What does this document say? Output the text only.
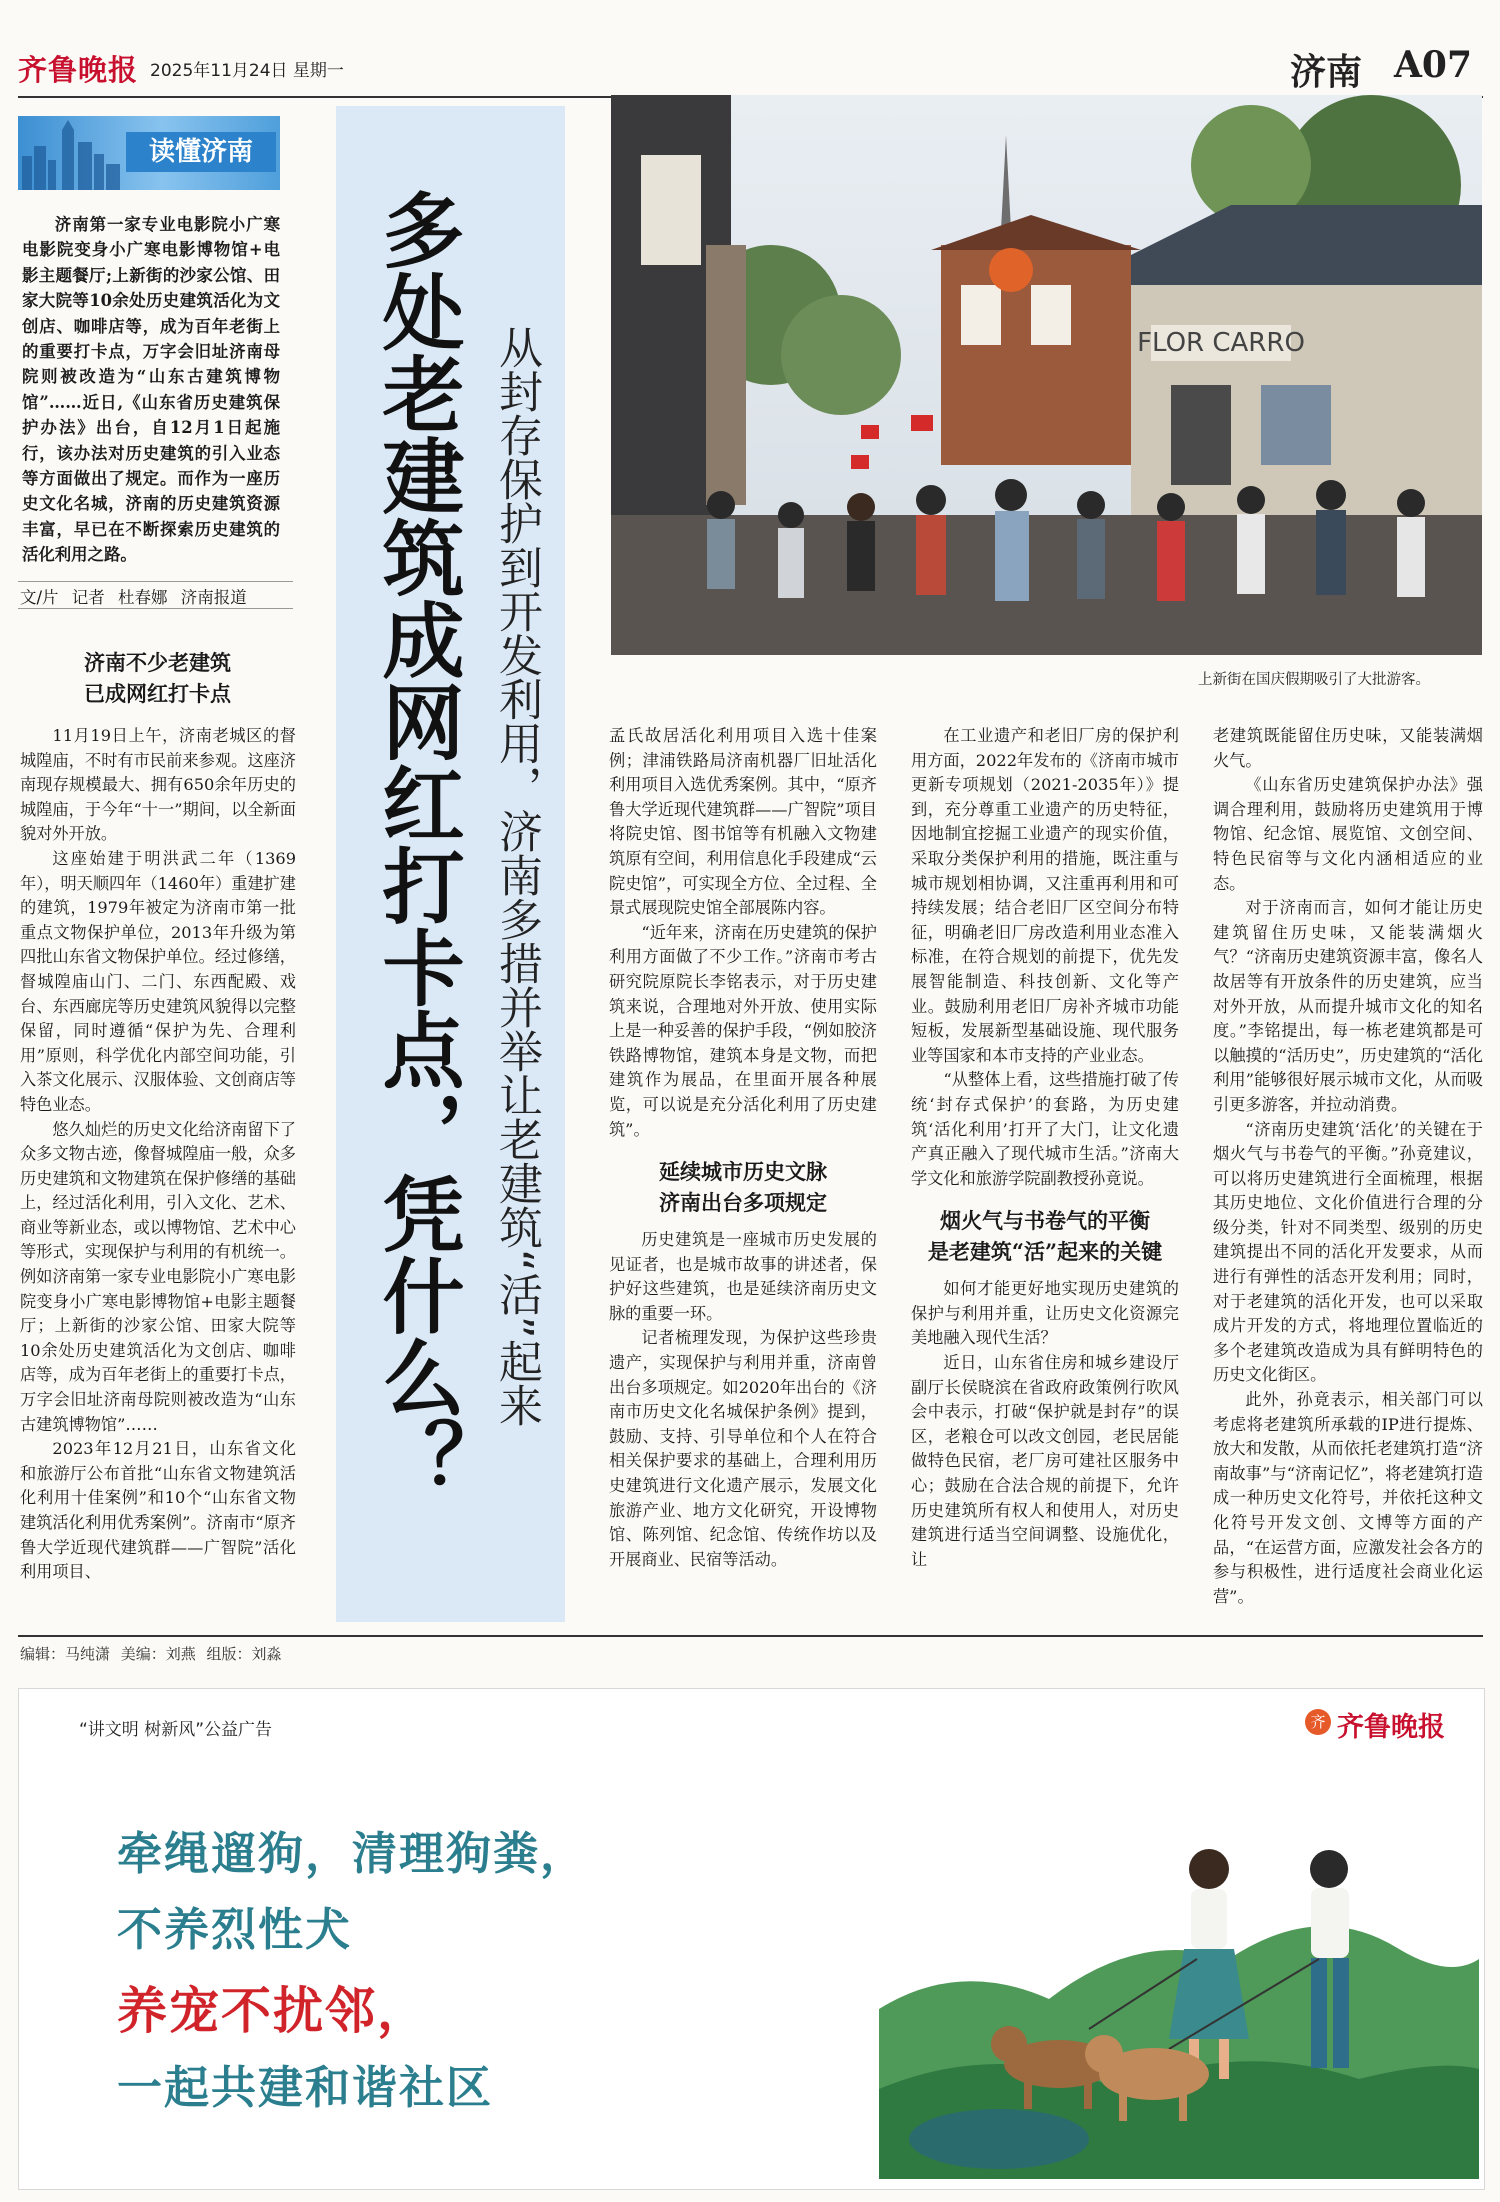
齐鲁晚报 2025年11月24日 星期一	济南 A07
读懂济南
济南第一家专业电影院小广寒电影院变身小广寒电影博物馆+电影主题餐厅;上新街的沙家公馆、田家大院等10余处历史建筑活化为文创店、咖啡店等，成为百年老街上的重要打卡点，万字会旧址济南母院则被改造为“山东古建筑博物馆”……近日,《山东省历史建筑保护办法》出台，自12月1日起施行，该办法对历史建筑的引入业态等方面做出了规定。而作为一座历史文化名城，济南的历史建筑资源丰富，早已在不断探索历史建筑的活化利用之路。
文/片 记者 杜春娜 济南报道
济南不少老建筑
已成网红打卡点

11月19日上午，济南老城区的督城隍庙，不时有市民前来参观。这座济南现存规模最大、拥有650余年历史的城隍庙，于今年“十一”期间，以全新面貌对外开放。

这座始建于明洪武二年（1369年），明天顺四年（1460年）重建扩建的建筑，1979年被定为济南市第一批重点文物保护单位，2013年升级为第四批山东省文物保护单位。经过修缮，督城隍庙山门、二门、东西配殿、戏台、东西廊庑等历史建筑风貌得以完整保留，同时遵循“保护为先、合理利用”原则，科学优化内部空间功能，引入茶文化展示、汉服体验、文创商店等特色业态。

悠久灿烂的历史文化给济南留下了众多文物古迹，像督城隍庙一般，众多历史建筑和文物建筑在保护修缮的基础上，经过活化利用，引入文化、艺术、商业等新业态，或以博物馆、艺术中心等形式，实现保护与利用的有机统一。例如济南第一家专业电影院小广寒电影院变身小广寒电影博物馆+电影主题餐厅；上新街的沙家公馆、田家大院等10余处历史建筑活化为文创店、咖啡店等，成为百年老街上的重要打卡点，万字会旧址济南母院则被改造为“山东古建筑博物馆”……

2023年12月21日，山东省文化和旅游厅公布首批“山东省文物建筑活化利用十佳案例”和10个“山东省文物建筑活化利用优秀案例”。济南市“原齐鲁大学近现代建筑群——广智院”活化利用项目、

多处老建筑成网红打卡点，凭什么？ 从封存保护到开发利用，济南多措并举让老建筑“活”起来	FLOR CARRO
上新街在国庆假期吸引了大批游客。

孟氏故居活化利用项目入选十佳案例；津浦铁路局济南机器厂旧址活化利用项目入选优秀案例。其中，“原齐鲁大学近现代建筑群——广智院”项目将院史馆、图书馆等有机融入文物建筑原有空间，利用信息化手段建成“云院史馆”，可实现全方位、全过程、全景式展现院史馆全部展陈内容。

“近年来，济南在历史建筑的保护利用方面做了不少工作。”济南市考古研究院原院长李铭表示，对于历史建筑来说，合理地对外开放、使用实际上是一种妥善的保护手段，“例如胶济铁路博物馆，建筑本身是文物，而把建筑作为展品，在里面开展各种展览，可以说是充分活化利用了历史建筑”。

延续城市历史文脉
济南出台多项规定

历史建筑是一座城市历史发展的见证者，也是城市故事的讲述者，保护好这些建筑，也是延续济南历史文脉的重要一环。

记者梳理发现，为保护这些珍贵遗产，实现保护与利用并重，济南曾出台多项规定。如2020年出台的《济南市历史文化名城保护条例》提到，鼓励、支持、引导单位和个人在符合相关保护要求的基础上，合理利用历史建筑进行文化遗产展示，发展文化旅游产业、地方文化研究，开设博物馆、陈列馆、纪念馆、传统作坊以及开展商业、民宿等活动。

在工业遗产和老旧厂房的保护利用方面，2022年发布的《济南市城市更新专项规划（2021-2035年）》提到，充分尊重工业遗产的历史特征，因地制宜挖掘工业遗产的现实价值，采取分类保护利用的措施，既注重与城市规划相协调，又注重再利用和可持续发展；结合老旧厂区空间分布特征，明确老旧厂房改造利用业态准入标准，在符合规划的前提下，优先发展智能制造、科技创新、文化等产业。鼓励利用老旧厂房补齐城市功能短板，发展新型基础设施、现代服务业等国家和本市支持的产业业态。

“从整体上看，这些措施打破了传统‘封存式保护’的套路，为历史建筑‘活化利用’打开了大门，让文化遗产真正融入了现代城市生活。”济南大学文化和旅游学院副教授孙竟说。

烟火气与书卷气的平衡
是老建筑“活”起来的关键

如何才能更好地实现历史建筑的保护与利用并重，让历史文化资源完美地融入现代生活？

近日，山东省住房和城乡建设厅副厅长侯晓滨在省政府政策例行吹风会中表示，打破“保护就是封存”的误区，老粮仓可以改文创园，老民居能做特色民宿，老厂房可建社区服务中心；鼓励在合法合规的前提下，允许历史建筑所有权人和使用人，对历史建筑进行适当空间调整、设施优化，让

老建筑既能留住历史味，又能装满烟火气。

《山东省历史建筑保护办法》强调合理利用，鼓励将历史建筑用于博物馆、纪念馆、展览馆、文创空间、特色民宿等与文化内涵相适应的业态。

对于济南而言，如何才能让历史建筑留住历史味，又能装满烟火气？“济南历史建筑资源丰富，像名人故居等有开放条件的历史建筑，应当对外开放，从而提升城市文化的知名度。”李铭提出，每一栋老建筑都是可以触摸的“活历史”，历史建筑的“活化利用”能够很好展示城市文化，从而吸引更多游客，并拉动消费。

“济南历史建筑‘活化’的关键在于烟火气与书卷气的平衡。”孙竟建议，可以将历史建筑进行全面梳理，根据其历史地位、文化价值进行合理的分级分类，针对不同类型、级别的历史建筑提出不同的活化开发要求，从而进行有弹性的活态开发利用；同时，对于老建筑的活化开发，也可以采取成片开发的方式，将地理位置临近的多个老建筑改造成为具有鲜明特色的历史文化街区。

此外，孙竟表示，相关部门可以考虑将老建筑所承载的IP进行提炼、放大和发散，从而依托老建筑打造“济南故事”与“济南记忆”，将老建筑打造成一种历史文化符号，并依托这种文化符号开发文创、文博等方面的产品，“在运营方面，应激发社会各方的参与积极性，进行适度社会商业化运营”。

编辑：马纯潇 美编：刘燕 组版：刘淼
“讲文明 树新风”公益广告	齐 齐鲁晚报
牵绳遛狗，清理狗粪，
不养烈性犬
养宠不扰邻，
一起共建和谐社区
